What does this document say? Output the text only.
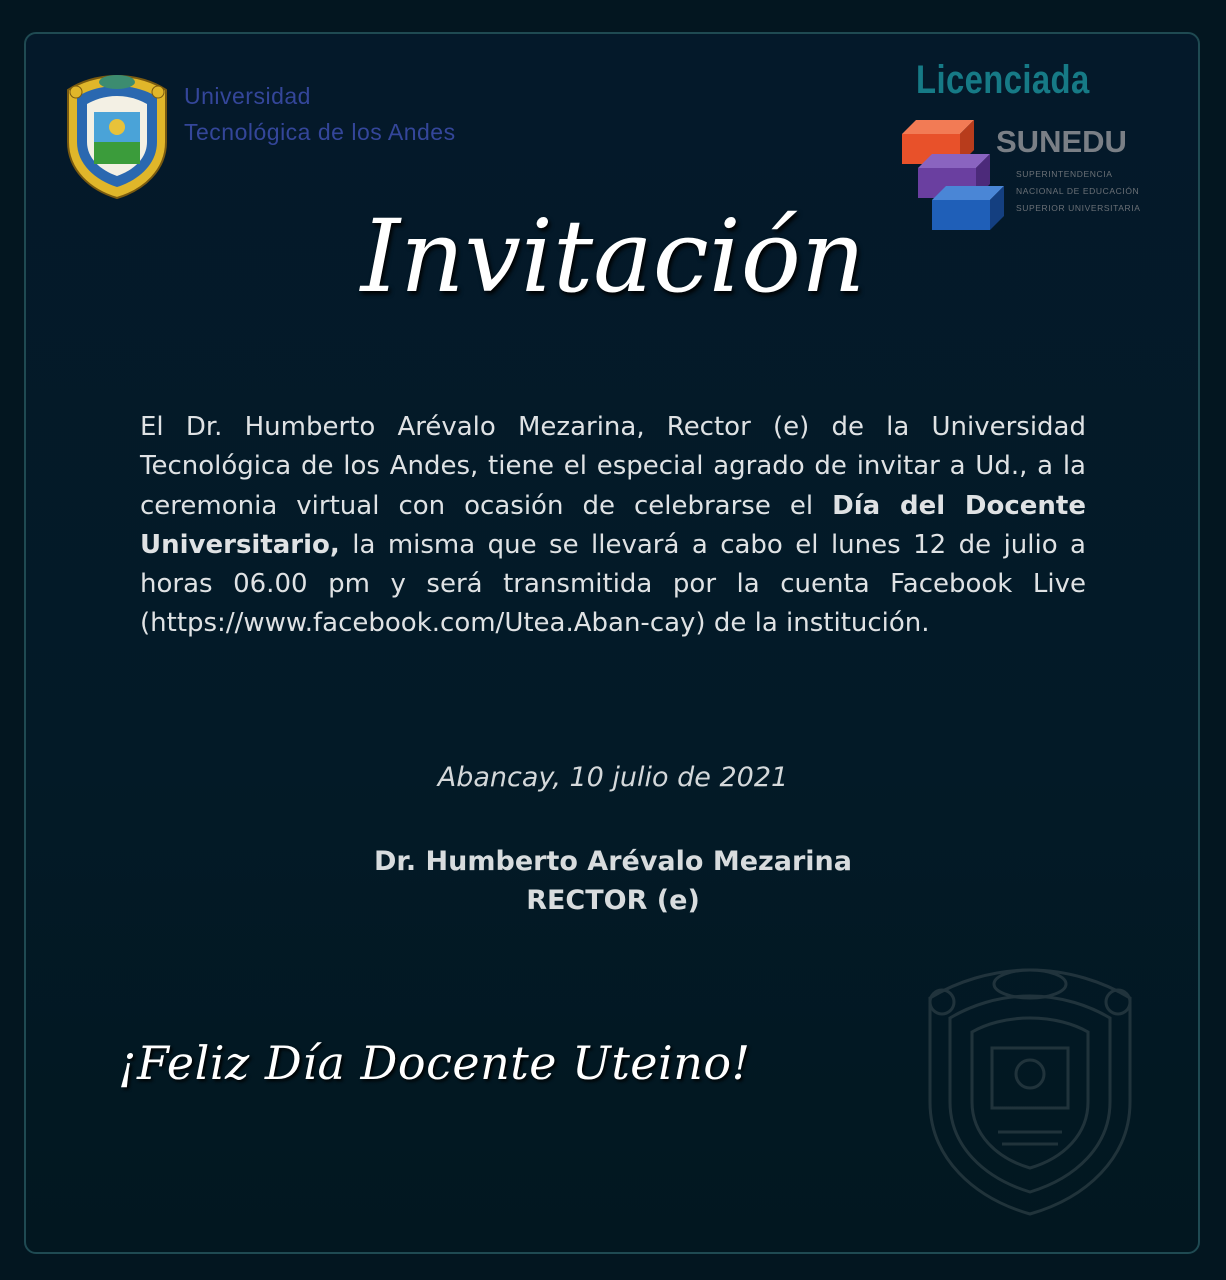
Universidad
Tecnológica de los Andes
Licenciada
SUNEDU
SUPERINTENDENCIA
NACIONAL DE EDUCACIÓN
SUPERIOR UNIVERSITARIA
Invitación
El Dr. Humberto Arévalo Mezarina, Rector (e) de la Universidad Tecnológica de los Andes, tiene el especial agrado de invitar a Ud., a la ceremonia virtual con ocasión de celebrarse el Día del Docente Universitario, la misma que se llevará a cabo el lunes 12 de julio a horas 06.00 pm y será transmitida por la cuenta Facebook Live (https://www.facebook.com/Utea.Aban-cay) de la institución.
Abancay, 10 julio de 2021
Dr. Humberto Arévalo Mezarina
RECTOR (e)
¡Feliz Día Docente Uteino!
